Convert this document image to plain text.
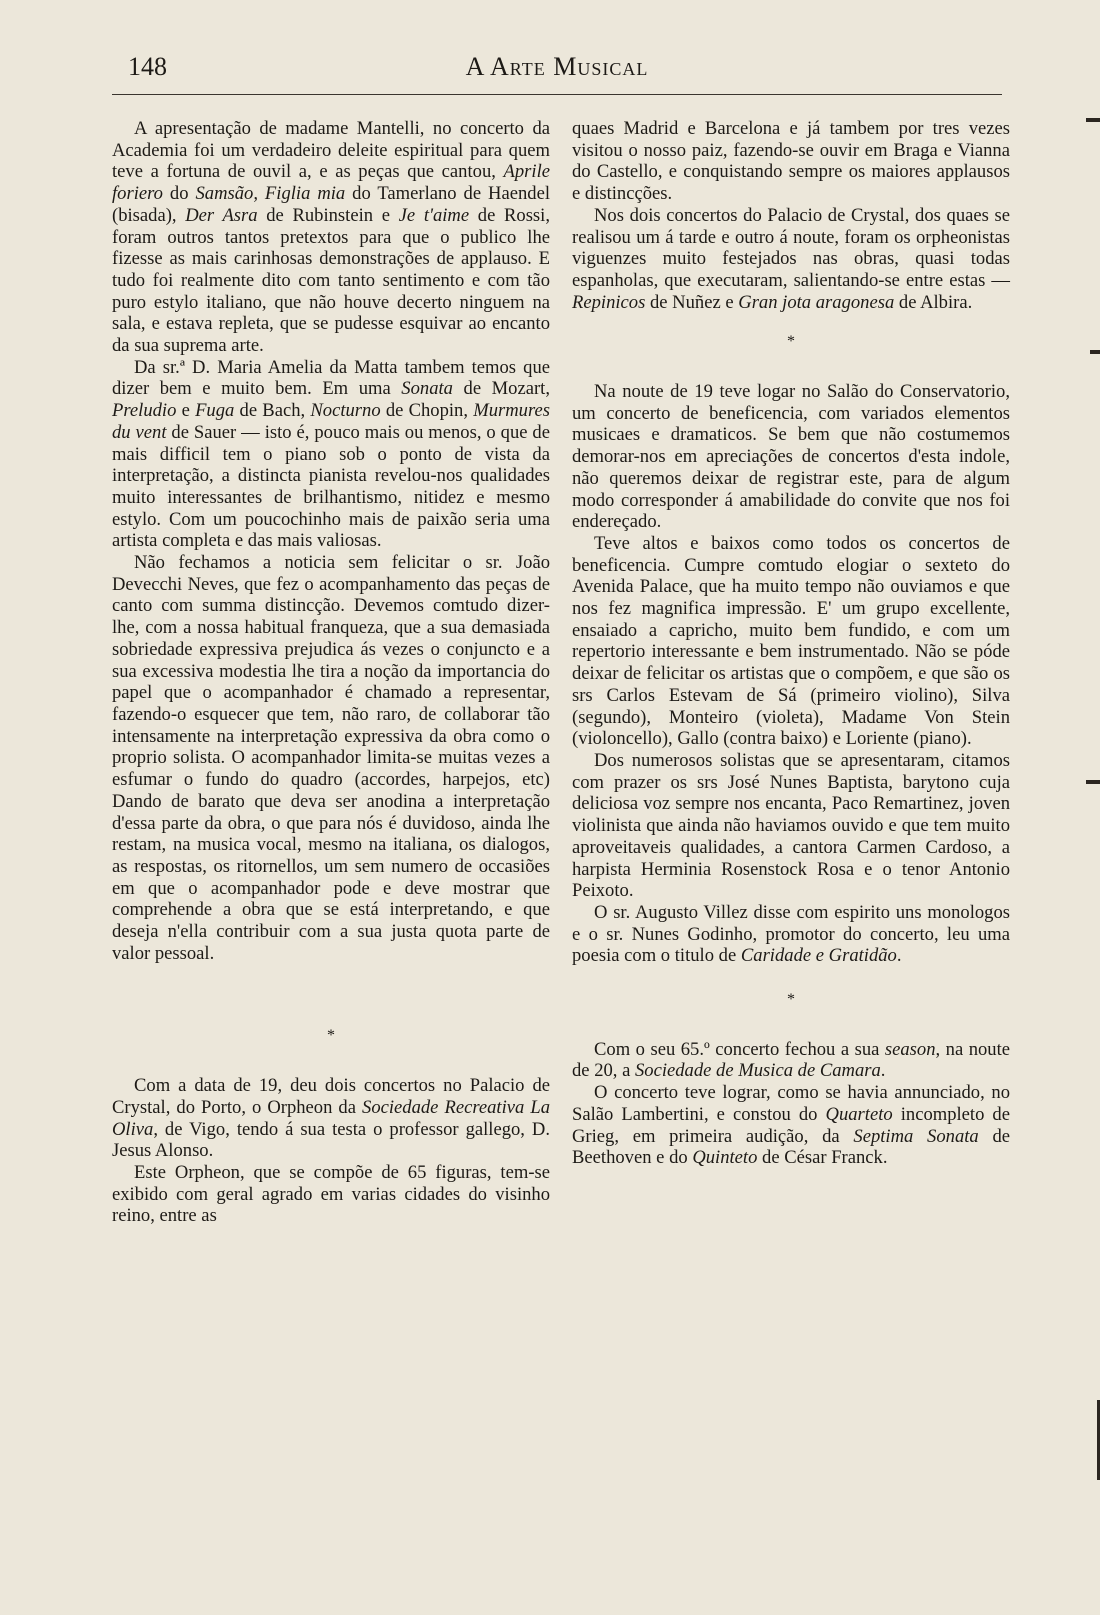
148	A Arte Musical

A apresentação de madame Mantelli, no concerto da Academia foi um verdadeiro deleite espiritual para quem teve a fortuna de ouvil a, e as peças que cantou, Aprile foriero do Samsão, Figlia mia do Tamerlano de Haendel (bisada), Der Asra de Rubinstein e Je t'aime de Rossi, foram outros tantos pretextos para que o publico lhe fizesse as mais carinhosas demonstrações de applauso. E tudo foi realmente dito com tanto sentimento e com tão puro estylo italiano, que não houve decerto ninguem na sala, e estava repleta, que se pudesse esquivar ao encanto da sua suprema arte.

Da sr.ª D. Maria Amelia da Matta tambem temos que dizer bem e muito bem. Em uma Sonata de Mozart, Preludio e Fuga de Bach, Nocturno de Chopin, Murmures du vent de Sauer — isto é, pouco mais ou menos, o que de mais difficil tem o piano sob o ponto de vista da interpretação, a distincta pianista revelou-nos qualidades muito interessantes de brilhantismo, nitidez e mesmo estylo. Com um poucochinho mais de paixão seria uma artista completa e das mais valiosas.

Não fechamos a noticia sem felicitar o sr. João Devecchi Neves, que fez o acompanhamento das peças de canto com summa distincção. Devemos comtudo dizer-lhe, com a nossa habitual franqueza, que a sua demasiada sobriedade expressiva prejudica ás vezes o conjuncto e a sua excessiva modestia lhe tira a noção da importancia do papel que o acompanhador é chamado a representar, fazendo-o esquecer que tem, não raro, de collaborar tão intensamente na interpretação expressiva da obra como o proprio solista. O acompanhador limita-se muitas vezes a esfumar o fundo do quadro (accordes, harpejos, etc) Dando de barato que deva ser anodina a interpretação d'essa parte da obra, o que para nós é duvidoso, ainda lhe restam, na musica vocal, mesmo na italiana, os dialogos, as respostas, os ritornellos, um sem numero de occasiões em que o acompanhador pode e deve mostrar que comprehende a obra que se está interpretando, e que deseja n'ella contribuir com a sua justa quota parte de valor pessoal.

*

Com a data de 19, deu dois concertos no Palacio de Crystal, do Porto, o Orpheon da Sociedade Recreativa La Oliva, de Vigo, tendo á sua testa o professor gallego, D. Jesus Alonso.

Este Orpheon, que se compõe de 65 figuras, tem-se exibido com geral agrado em varias cidades do visinho reino, entre as

quaes Madrid e Barcelona e já tambem por tres vezes visitou o nosso paiz, fazendo-se ouvir em Braga e Vianna do Castello, e conquistando sempre os maiores applausos e distincções.

Nos dois concertos do Palacio de Crystal, dos quaes se realisou um á tarde e outro á noute, foram os orpheonistas viguenzes muito festejados nas obras, quasi todas espanholas, que executaram, salientando-se entre estas — Repinicos de Nuñez e Gran jota aragonesa de Albira.

*

Na noute de 19 teve logar no Salão do Conservatorio, um concerto de beneficencia, com variados elementos musicaes e dramaticos. Se bem que não costumemos demorar-nos em apreciações de concertos d'esta indole, não queremos deixar de registrar este, para de algum modo corresponder á amabilidade do convite que nos foi endereçado.

Teve altos e baixos como todos os concertos de beneficencia. Cumpre comtudo elogiar o sexteto do Avenida Palace, que ha muito tempo não ouviamos e que nos fez magnifica impressão. E' um grupo excellente, ensaiado a capricho, muito bem fundido, e com um repertorio interessante e bem instrumentado. Não se póde deixar de felicitar os artistas que o compõem, e que são os srs Carlos Estevam de Sá (primeiro violino), Silva (segundo), Monteiro (violeta), Madame Von Stein (violoncello), Gallo (contra baixo) e Loriente (piano).

Dos numerosos solistas que se apresentaram, citamos com prazer os srs José Nunes Baptista, barytono cuja deliciosa voz sempre nos encanta, Paco Remartinez, joven violinista que ainda não haviamos ouvido e que tem muito aproveitaveis qualidades, a cantora Carmen Cardoso, a harpista Herminia Rosenstock Rosa e o tenor Antonio Peixoto.

O sr. Augusto Villez disse com espirito uns monologos e o sr. Nunes Godinho, promotor do concerto, leu uma poesia com o titulo de Caridade e Gratidão.

*

Com o seu 65.º concerto fechou a sua season, na noute de 20, a Sociedade de Musica de Camara.

O concerto teve lograr, como se havia annunciado, no Salão Lambertini, e constou do Quarteto incompleto de Grieg, em primeira audição, da Septima Sonata de Beethoven e do Quinteto de César Franck.
